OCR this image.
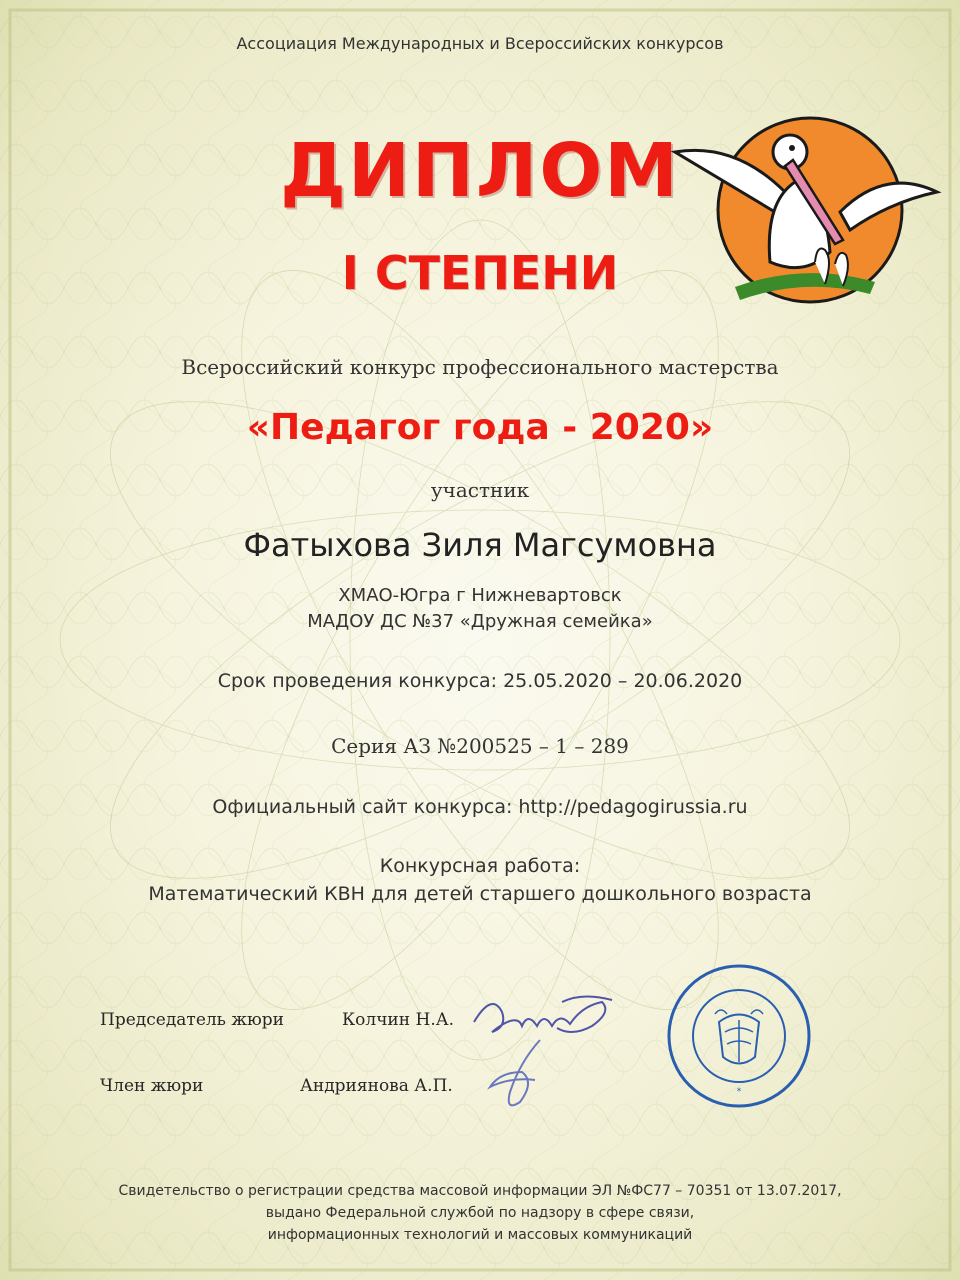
Ассоциация Международных и Всероссийских конкурсов
ДИПЛОМ
I СТЕПЕНИ
Всероссийский конкурс профессионального мастерства
«Педагог года - 2020»
участник
Фатыхова Зиля Магсумовна
ХМАО-Югра г Нижневартовск
МАДОУ ДС №37 «Дружная семейка»
Срок проведения конкурса: 25.05.2020 – 20.06.2020
Серия АЗ №200525 – 1 – 289
Официальный сайт конкурса: http://pedagogirussia.ru
Конкурсная работа:
Математический КВН для детей старшего дошкольного возраста
Председатель жюри	Колчин Н.А.
Член жюри	Андриянова А.П.	*
Свидетельство о регистрации средства массовой информации ЭЛ №ФС77 – 70351 от 13.07.2017,
выдано Федеральной службой по надзору в сфере связи,
информационных технологий и массовых коммуникаций
